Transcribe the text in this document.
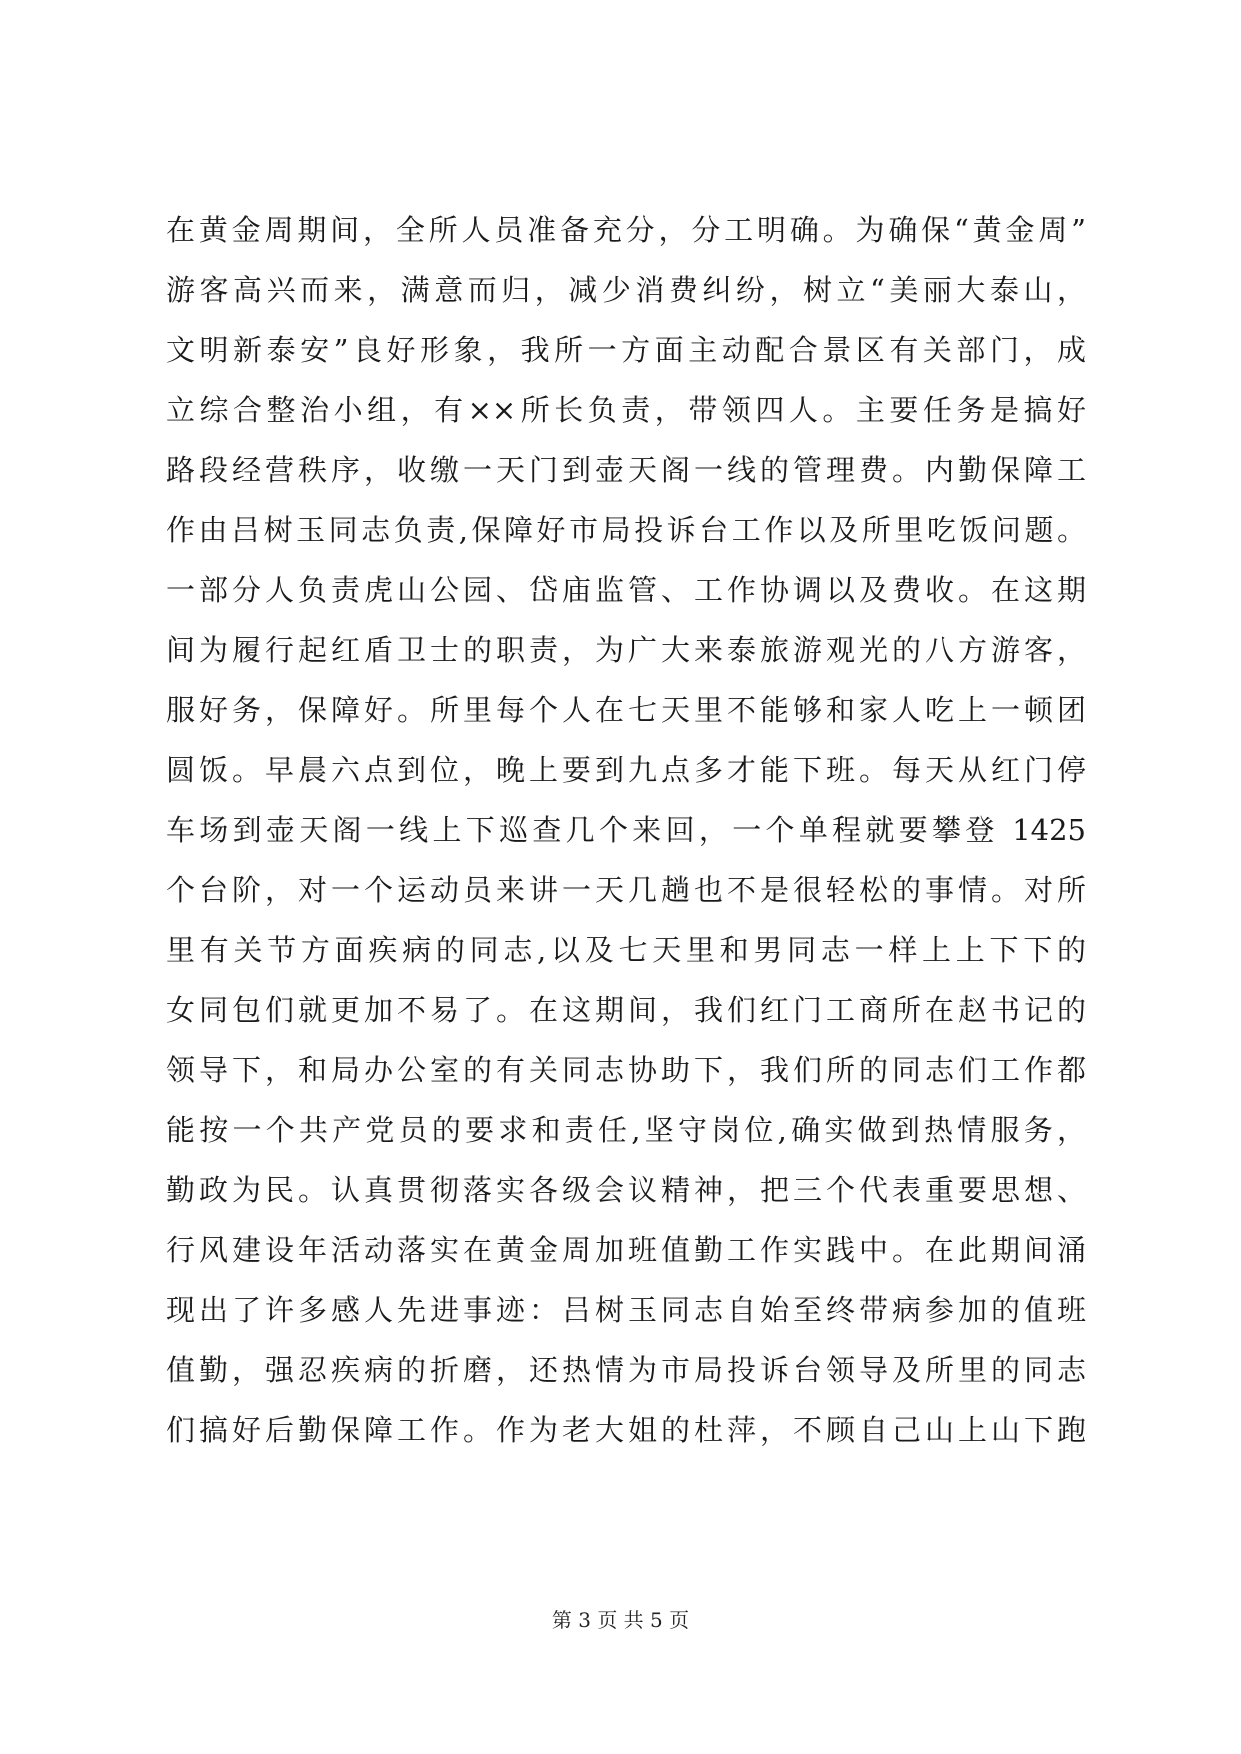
在黄金周期间，全所人员准备充分，分工明确。为确保“黄金周”
游客高兴而来，满意而归，减少消费纠纷，树立“美丽大泰山，
文明新泰安”良好形象，我所一方面主动配合景区有关部门，成
立综合整治小组，有××所长负责，带领四人。主要任务是搞好
路段经营秩序，收缴一天门到壶天阁一线的管理费。内勤保障工
作由吕树玉同志负责,保障好市局投诉台工作以及所里吃饭问题。
一部分人负责虎山公园、岱庙监管、工作协调以及费收。在这期
间为履行起红盾卫士的职责，为广大来泰旅游观光的八方游客，
服好务，保障好。所里每个人在七天里不能够和家人吃上一顿团
圆饭。早晨六点到位，晚上要到九点多才能下班。每天从红门停
车场到壶天阁一线上下巡查几个来回，一个单程就要攀登 1425
个台阶，对一个运动员来讲一天几趟也不是很轻松的事情。对所
里有关节方面疾病的同志,以及七天里和男同志一样上上下下的
女同包们就更加不易了。在这期间，我们红门工商所在赵书记的
领导下，和局办公室的有关同志协助下，我们所的同志们工作都
能按一个共产党员的要求和责任,坚守岗位,确实做到热情服务，
勤政为民。认真贯彻落实各级会议精神，把三个代表重要思想、
行风建设年活动落实在黄金周加班值勤工作实践中。在此期间涌
现出了许多感人先进事迹：吕树玉同志自始至终带病参加的值班
值勤，强忍疾病的折磨，还热情为市局投诉台领导及所里的同志
们搞好后勤保障工作。作为老大姐的杜萍，不顾自己山上山下跑
第 3 页 共 5 页
